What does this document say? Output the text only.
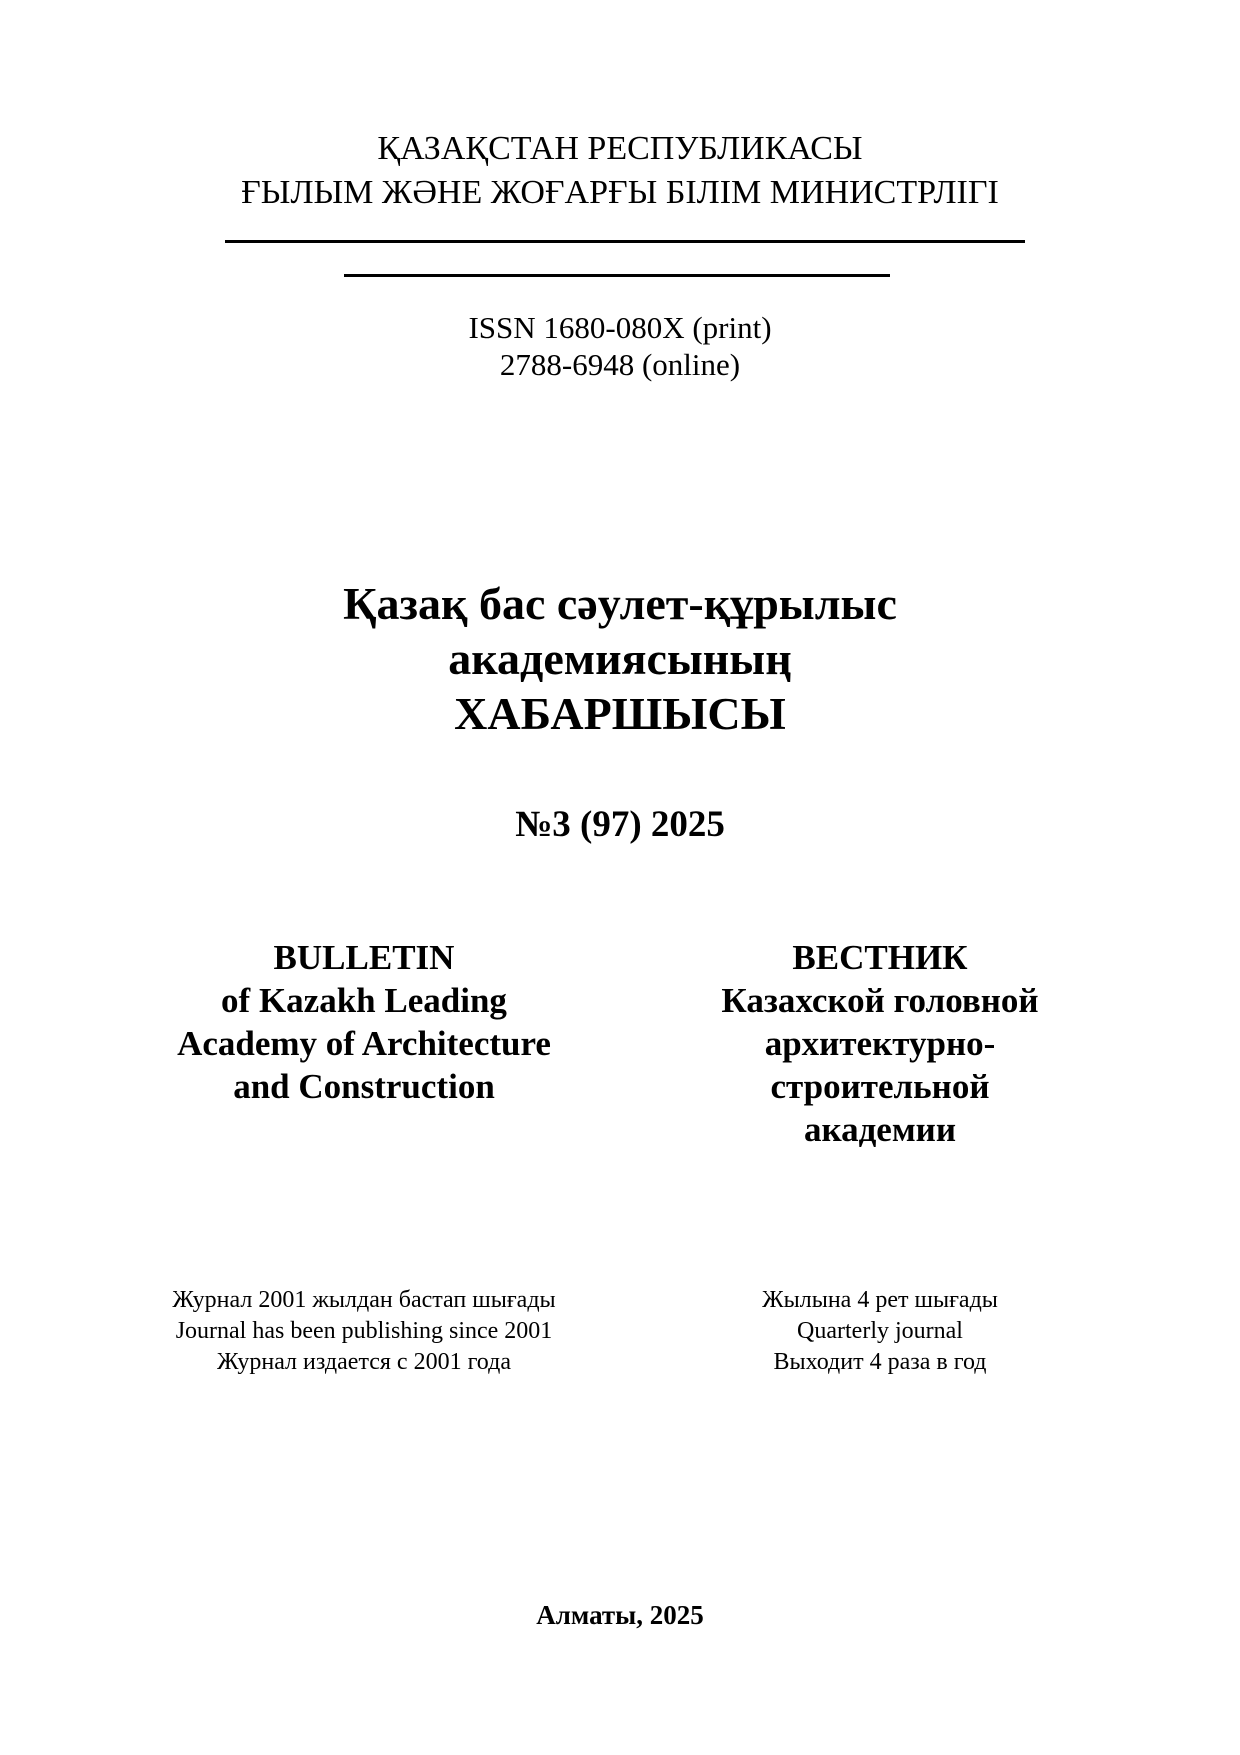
ҚАЗАҚСТАН РЕСПУБЛИКАСЫ
ҒЫЛЫМ ЖӘНЕ ЖОҒАРҒЫ БІЛІМ МИНИСТРЛІГІ
ISSN 1680-080X (print)
2788-6948 (online)
Қазақ бас сәулет-құрылыс
академиясының
ХАБАРШЫСЫ
№3 (97) 2025
BULLETIN
of Kazakh Leading
Academy of Architecture
and Construction
ВЕСТНИК
Казахской головной
архитектурно-
строительной
академии
Журнал 2001 жылдан бастап шығады
Journal has been publishing since 2001
Журнал издается с 2001 года
Жылына 4 рет шығады
Quarterly journal
Выходит 4 раза в год
Алматы, 2025
